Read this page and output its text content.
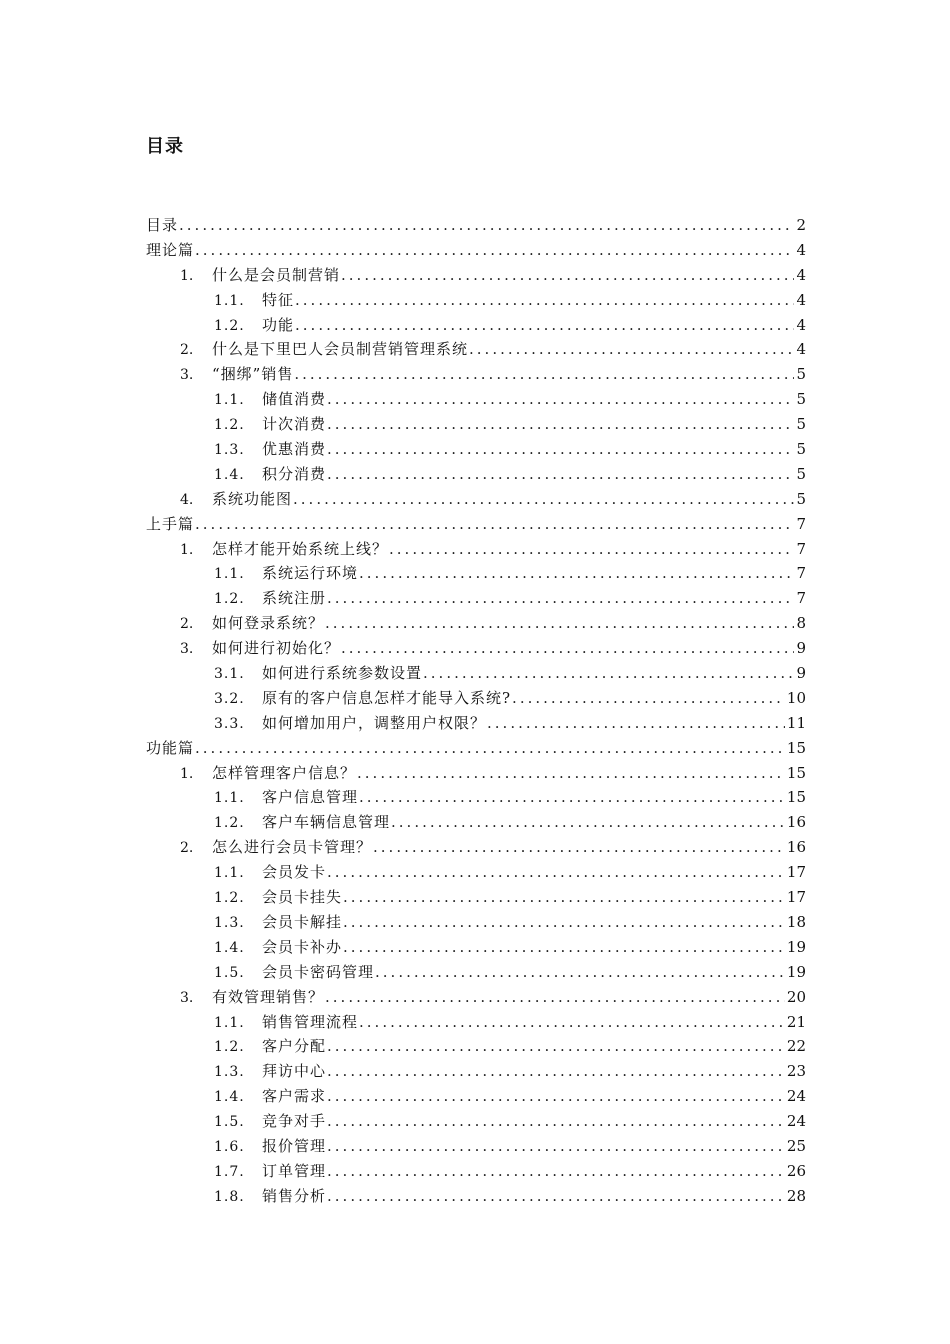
目录
目录 .....	2
理论篇 .....	4
1.	什么是会员制营销 .....	4
1.1.	特征 .....	4
1.2.	功能 .....	4
2.	什么是下里巴人会员制营销管理系统 .....	4
3.	“捆绑”销售 .....	5
1.1.	储值消费 .....	5
1.2.	计次消费 .....	5
1.3.	优惠消费 .....	5
1.4.	积分消费 .....	5
4.	系统功能图 .....	5
上手篇 .....	7
1.	怎样才能开始系统上线？ .....	7
1.1.	系统运行环境 .....	7
1.2.	系统注册 .....	7
2.	如何登录系统？ .....	8
3.	如何进行初始化？ .....	9
3.1.	如何进行系统参数设置 .....	9
3.2.	原有的客户信息怎样才能导入系统? .....	10
3.3.	如何增加用户，调整用户权限？ .....	11
功能篇 .....	15
1.	怎样管理客户信息？ .....	15
1.1.	客户信息管理 .....	15
1.2.	客户车辆信息管理 .....	16
2.	怎么进行会员卡管理？ .....	16
1.1.	会员发卡 .....	17
1.2.	会员卡挂失 .....	17
1.3.	会员卡解挂 .....	18
1.4.	会员卡补办 .....	19
1.5.	会员卡密码管理 .....	19
3.	有效管理销售？ .....	20
1.1.	销售管理流程 .....	21
1.2.	客户分配 .....	22
1.3.	拜访中心 .....	23
1.4.	客户需求 .....	24
1.5.	竞争对手 .....	24
1.6.	报价管理 .....	25
1.7.	订单管理 .....	26
1.8.	销售分析 .....	28
